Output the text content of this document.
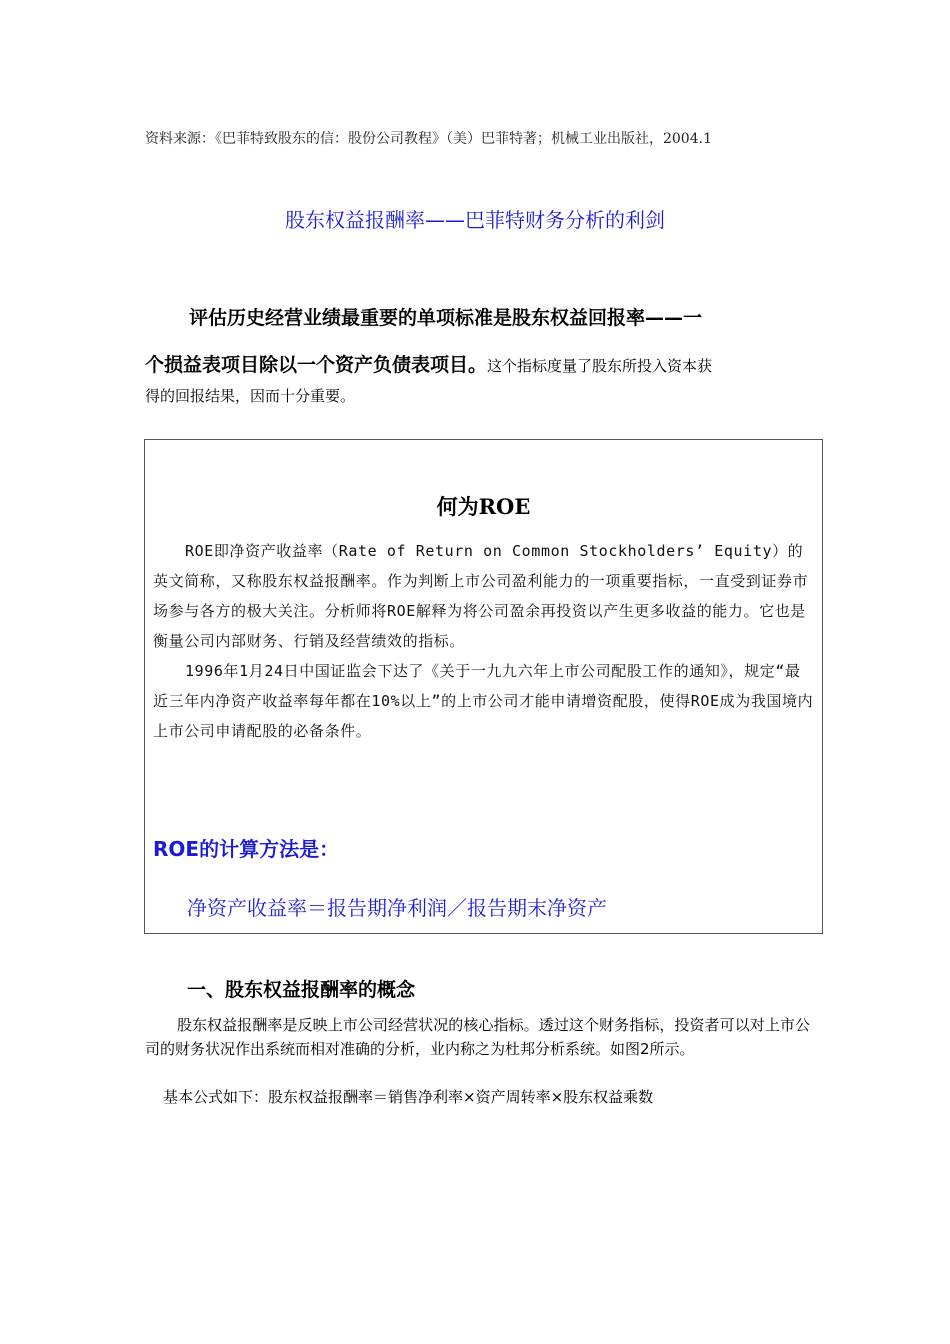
资料来源：《巴菲特致股东的信：股份公司教程》（美）巴菲特著；机械工业出版社，2004.1
股东权益报酬率——巴菲特财务分析的利剑
评估历史经营业绩最重要的单项标准是股东权益回报率——一
个损益表项目除以一个资产负债表项目。这个指标度量了股东所投入资本获
得的回报结果，因而十分重要。
何为ROE

ROE即净资产收益率（Rate of Return on Common Stockholders’ Equity）的英文简称，又称股东权益报酬率。作为判断上市公司盈利能力的一项重要指标，一直受到证券市场参与各方的极大关注。分析师将ROE解释为将公司盈余再投资以产生更多收益的能力。它也是衡量公司内部财务、行销及经营绩效的指标。

1996年1月24日中国证监会下达了《关于一九九六年上市公司配股工作的通知》，规定“最近三年内净资产收益率每年都在10%以上”的上市公司才能申请增资配股，使得ROE成为我国境内上市公司申请配股的必备条件。

ROE的计算方法是：
净资产收益率＝报告期净利润／报告期末净资产
一、股东权益报酬率的概念
股东权益报酬率是反映上市公司经营状况的核心指标。透过这个财务指标，投资者可以对上市公司的财务状况作出系统而相对准确的分析，业内称之为杜邦分析系统。如图2所示。
基本公式如下：股东权益报酬率＝销售净利率×资产周转率×股东权益乘数
